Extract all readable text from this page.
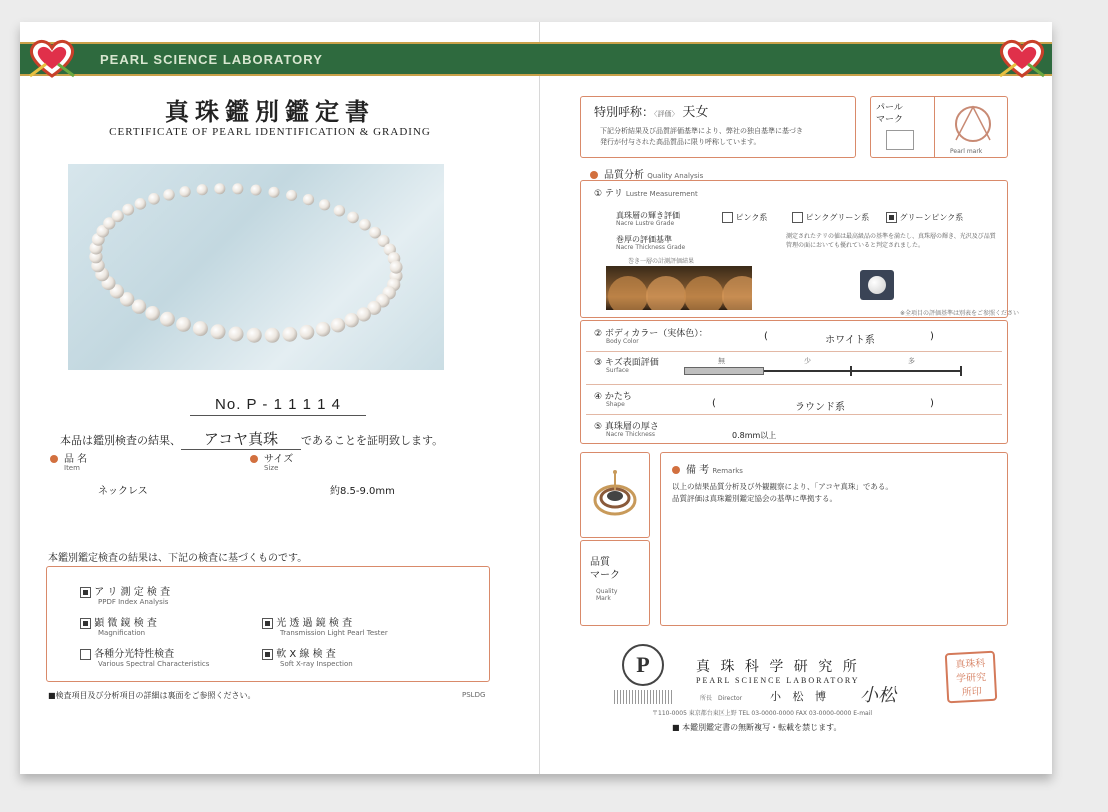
PEARL SCIENCE LABORATORY
真珠鑑別鑑定書
CERTIFICATE OF PEARL IDENTIFICATION & GRADING
No. P - 1 1 1 1 4
本品は鑑別検査の結果、 アコヤ真珠 であることを証明致します。
品 名
Item
ネックレス
サイズ
Size
約8.5-9.0mm
本鑑別鑑定検査の結果は、下記の検査に基づくものです。
ア リ 測 定 検 査
PPDF Index Analysis
顕 微 鏡 検 査
Magnification
光 透 過 鏡 検 査
Transmission Light Pearl Tester
各種分光特性検査
Various Spectral Characteristics
軟 X 線 検 査
Soft X-ray Inspection
■検査項目及び分析項目の詳細は裏面をご参照ください。	PSLDG
特別呼称：〈評価〉 天女
下記分析結果及び品質評価基準により、弊社の独自基準に基づき
発行が付与された高品質品に限り呼称しています。
パール
マーク
Pearl mark
品質分析 Quality Analysis
① テリ Lustre Measurement
真珠層の輝き評価
Nacre Lustre Grade
ピンク系	ピンクグリーン系	グリーンピンク系
巻厚の評価基準
Nacre Thickness Grade
巻き一層の計測評価結果
測定されたテリの値は最高級品の基準を満たし、真珠層の輝き、光沢及び品質管理の面においても優れていると判定されました。
※全項目の評価基準は別表をご参照ください
② ボディカラー（実体色）：
Body Color	(	ホワイト系	)
③ キズ表面評価
Surface
無	少	多
④ かたち
Shape	(	ラウンド系	)
⑤ 真珠層の厚さ
Nacre Thickness	0.8mm以上
品質
マーク
Quality
Mark
備 考 Remarks
以上の結果品質分析及び外観観察により、「アコヤ真珠」である。
品質評価は真珠鑑別鑑定協会の基準に準拠する。
P	真 珠 科 学 研 究 所
PEARL SCIENCE LABORATORY
所長　Director	小 松 博 小松
〒110-0005 東京都台東区上野 TEL 03-0000-0000 FAX 03-0000-0000 E-mail
■ 本鑑別鑑定書の無断複写・転載を禁じます。
真珠科学研究所印
